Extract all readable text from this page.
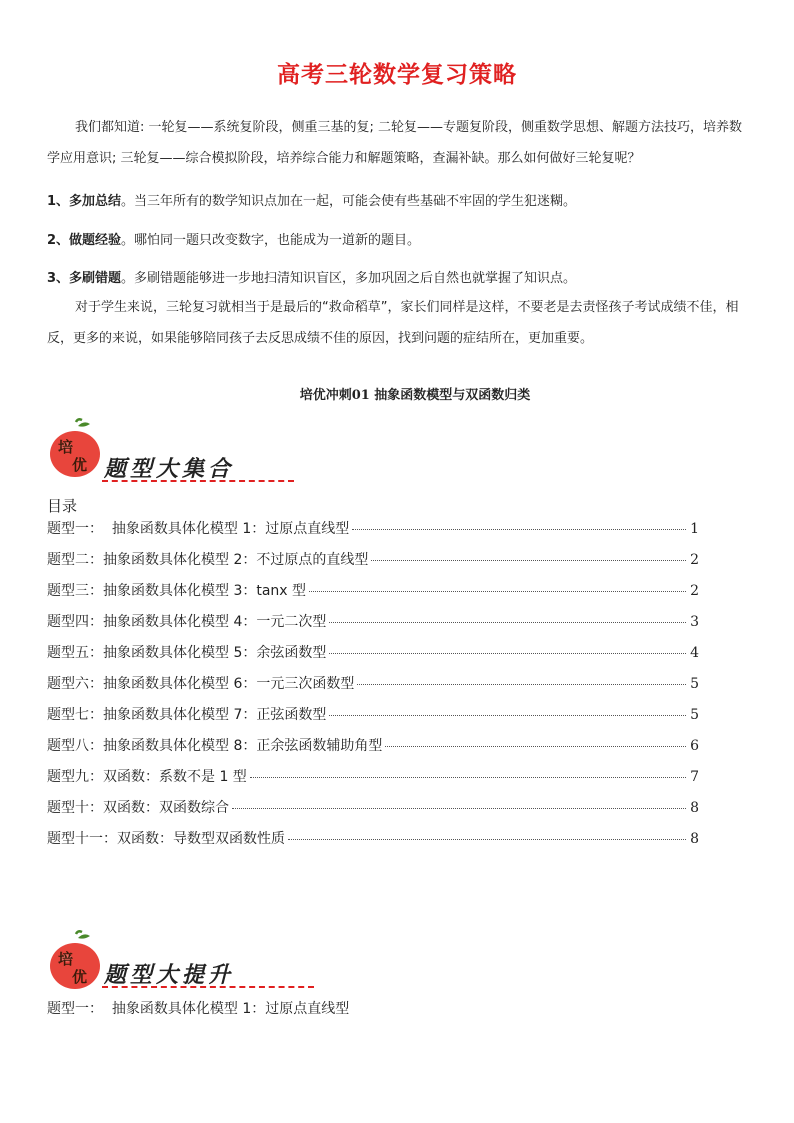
高考三轮数学复习策略
我们都知道: 一轮复——系统复阶段，侧重三基的复; 二轮复——专题复阶段，侧重数学思想、解题方法技巧，培养数学应用意识; 三轮复——综合模拟阶段，培养综合能力和解题策略，查漏补缺。那么如何做好三轮复呢？
1、多加总结。当三年所有的数学知识点加在一起，可能会使有些基础不牢固的学生犯迷糊。
2、做题经验。哪怕同一题只改变数字，也能成为一道新的题目。
3、多刷错题。多刷错题能够进一步地扫清知识盲区，多加巩固之后自然也就掌握了知识点。
对于学生来说，三轮复习就相当于是最后的“救命稻草”，家长们同样是这样，不要老是去责怪孩子考试成绩不佳，相反，更多的来说，如果能够陪同孩子去反思成绩不佳的原因，找到问题的症结所在，更加重要。
培优冲刺01 抽象函数模型与双函数归类
培
优 题型大集合
目录
题型一：  抽象函数具体化模型 1：过原点直线型	1
题型二：抽象函数具体化模型 2：不过原点的直线型	2
题型三：抽象函数具体化模型 3：tanx 型	2
题型四：抽象函数具体化模型 4：一元二次型	3
题型五：抽象函数具体化模型 5：余弦函数型	4
题型六：抽象函数具体化模型 6：一元三次函数型	5
题型七：抽象函数具体化模型 7：正弦函数型	5
题型八：抽象函数具体化模型 8：正余弦函数辅助角型	6
题型九：双函数：系数不是 1 型	7
题型十：双函数：双函数综合	8
题型十一：双函数：导数型双函数性质	8
培
优 题型大提升
题型一：  抽象函数具体化模型 1：过原点直线型
